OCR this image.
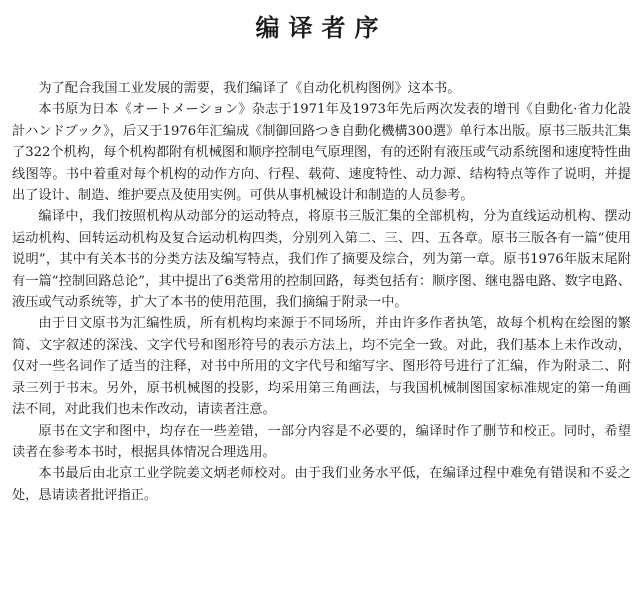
编译者序

为了配合我国工业发展的需要，我们编译了《自动化机构图例》这本书。

本书原为日本《オートメーション》杂志于1971年及1973年先后两次发表的增刊《自動化·省力化設計ハンドブック》，后又于1976年汇编成《制御回路つき自動化機構300選》单行本出版。原书三版共汇集了322个机构，每个机构都附有机械图和顺序控制电气原理图，有的还附有液压或气动系统图和速度特性曲线图等。书中着重对每个机构的动作方向、行程、载荷、速度特性、动力源、结构特点等作了说明，并提出了设计、制造、维护要点及使用实例。可供从事机械设计和制造的人员参考。

编译中，我们按照机构从动部分的运动特点，将原书三版汇集的全部机构，分为直线运动机构、摆动运动机构、回转运动机构及复合运动机构四类，分别列入第二、三、四、五各章。原书三版各有一篇“使用说明”，其中有关本书的分类方法及编写特点，我们作了摘要及综合，列为第一章。原书1976年版末尾附有一篇“控制回路总论”，其中提出了6类常用的控制回路，每类包括有：顺序图、继电器电路、数字电路、液压或气动系统等，扩大了本书的使用范围，我们摘编于附录一中。

由于日文原书为汇编性质，所有机构均来源于不同场所，并由许多作者执笔，故每个机构在绘图的繁简、文字叙述的深浅、文字代号和图形符号的表示方法上，均不完全一致。对此，我们基本上未作改动，仅对一些名词作了适当的注释，对书中所用的文字代号和缩写字、图形符号进行了汇编，作为附录二、附录三列于书末。另外，原书机械图的投影，均采用第三角画法，与我国机械制图国家标准规定的第一角画法不同，对此我们也未作改动，请读者注意。

原书在文字和图中，均存在一些差错，一部分内容是不必要的，编译时作了删节和校正。同时，希望读者在参考本书时，根据具体情况合理选用。

本书最后由北京工业学院姜文炳老师校对。由于我们业务水平低，在编译过程中难免有错误和不妥之处，恳请读者批评指正。
